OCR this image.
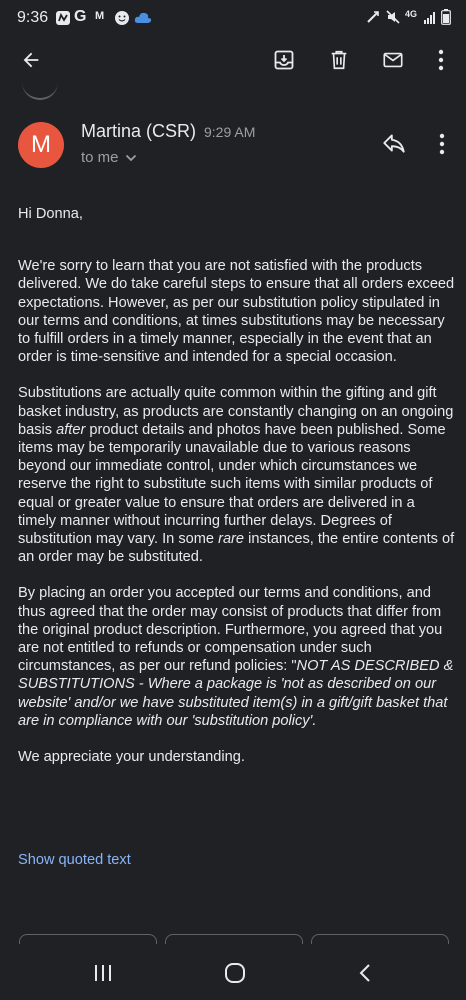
9:36 G M	4G
M Martina (CSR) 9:29 AM
to me

Hi Donna,

We're sorry to learn that you are not satisfied with the products delivered. We do take careful steps to ensure that all orders exceed expectations. However, as per our substitution policy stipulated in our terms and conditions, at times substitutions may be necessary to fulfill orders in a timely manner, especially in the event that an order is time-sensitive and intended for a special occasion.

Substitutions are actually quite common within the gifting and gift basket industry, as products are constantly changing on an ongoing basis after product details and photos have been published. Some items may be temporarily unavailable due to various reasons beyond our immediate control, under which circumstances we reserve the right to substitute such items with similar products of equal or greater value to ensure that orders are delivered in a timely manner without incurring further delays. Degrees of substitution may vary. In some rare instances, the entire contents of an order may be substituted.

By placing an order you accepted our terms and conditions, and thus agreed that the order may consist of products that differ from the original product description. Furthermore, you agreed that you are not entitled to refunds or compensation under such circumstances, as per our refund policies: "NOT AS DESCRIBED & SUBSTITUTIONS - Where a package is 'not as described on our website' and/or we have substituted item(s) in a gift/gift basket that are in compliance with our 'substitution policy'.

We appreciate your understanding.

Show quoted text
